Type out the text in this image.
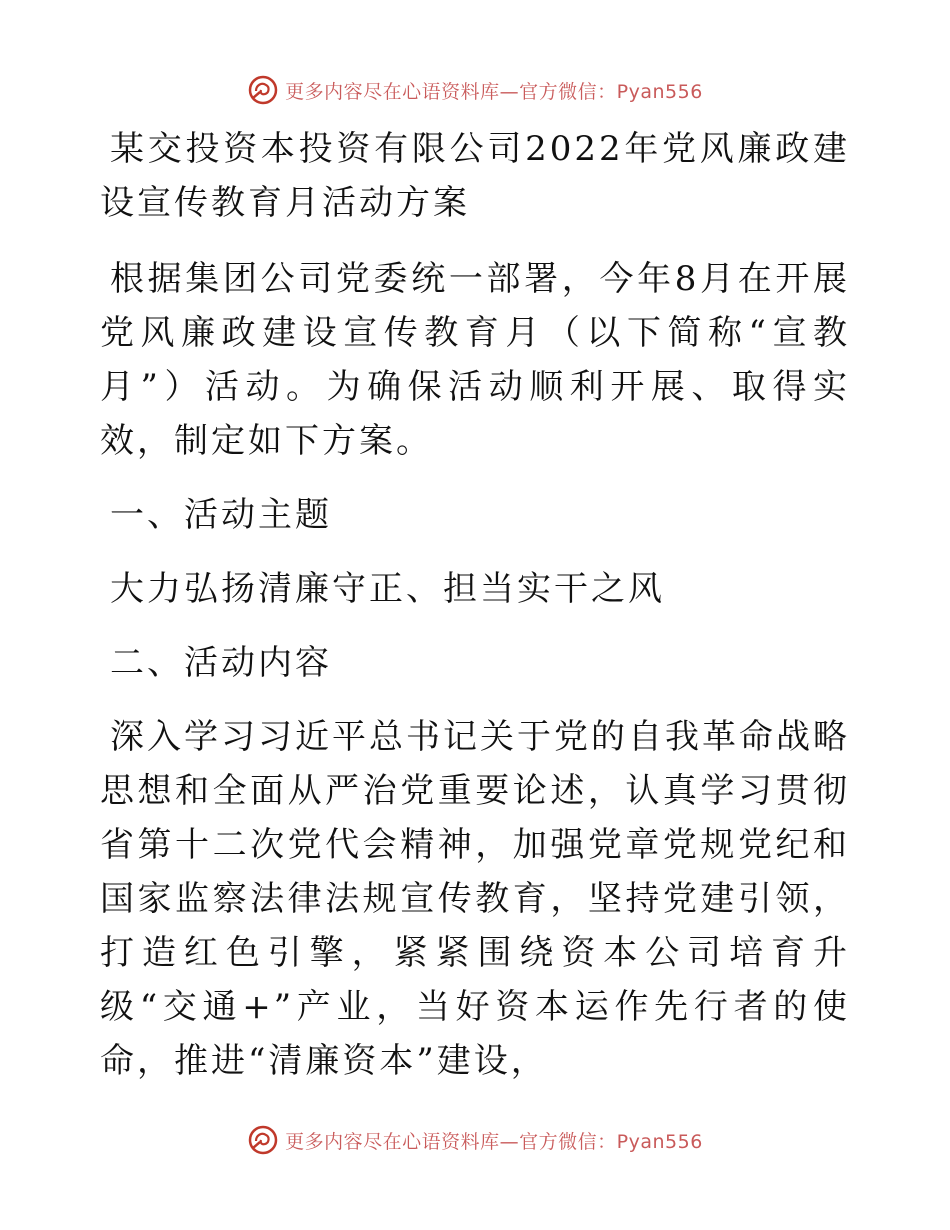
更多内容尽在心语资料库—官方微信：Pyan556

某交投资本投资有限公司2022年党风廉政建设宣传教育月活动方案

根据集团公司党委统一部署，今年8月在开展党风廉政建设宣传教育月（以下简称“宣教月”）活动。为确保活动顺利开展、取得实效，制定如下方案。

一、活动主题

大力弘扬清廉守正、担当实干之风

二、活动内容

深入学习习近平总书记关于党的自我革命战略思想和全面从严治党重要论述，认真学习贯彻省第十二次党代会精神，加强党章党规党纪和国家监察法律法规宣传教育，坚持党建引领，打造红色引擎，紧紧围绕资本公司培育升级“交通+”产业，当好资本运作先行者的使命，推进“清廉资本”建设，

更多内容尽在心语资料库—官方微信：Pyan556
